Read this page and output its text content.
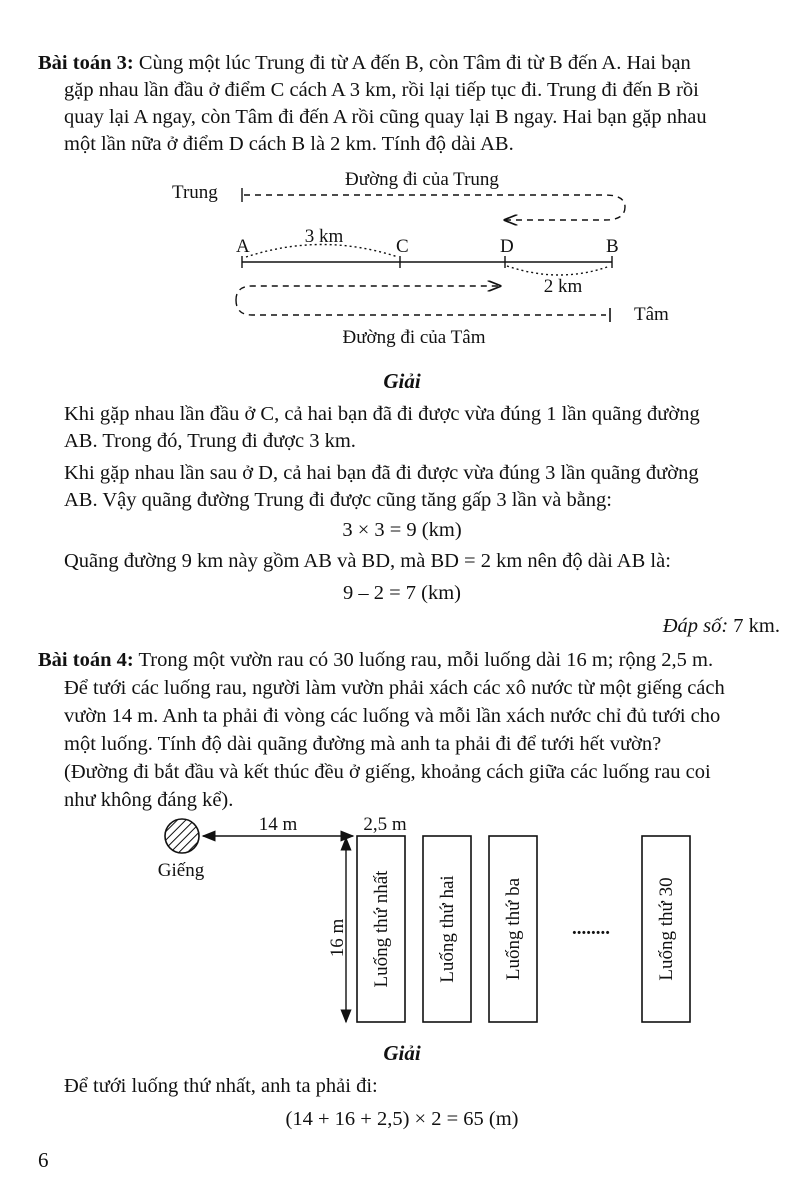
Bài toán 3: Cùng một lúc Trung đi từ A đến B, còn Tâm đi từ B đến A. Hai bạn
gặp nhau lần đầu ở điểm C cách A 3 km, rồi lại tiếp tục đi. Trung đi đến B rồi
quay lại A ngay, còn Tâm đi đến A rồi cũng quay lại B ngay. Hai bạn gặp nhau
một lần nữa ở điểm D cách B là 2 km. Tính độ dài AB.
Trung
Đường đi của Trung
A	C	D	B
3 km
2 km
Tâm
Đường đi của Tâm
Giải
Khi gặp nhau lần đầu ở C, cả hai bạn đã đi được vừa đúng 1 lần quãng đường
AB. Trong đó, Trung đi được 3 km.
Khi gặp nhau lần sau ở D, cả hai bạn đã đi được vừa đúng 3 lần quãng đường
AB. Vậy quãng đường Trung đi được cũng tăng gấp 3 lần và bằng:
3 × 3 = 9 (km)
Quãng đường 9 km này gồm AB và BD, mà BD = 2 km nên độ dài AB là:
9 – 2 = 7 (km)
Đáp số: 7 km.
Bài toán 4: Trong một vườn rau có 30 luống rau, mỗi luống dài 16 m; rộng 2,5 m.
Để tưới các luống rau, người làm vườn phải xách các xô nước từ một giếng cách
vườn 14 m. Anh ta phải đi vòng các luống và mỗi lần xách nước chỉ đủ tưới cho
một luống. Tính độ dài quãng đường mà anh ta phải đi để tưới hết vườn?
(Đường đi bắt đầu và kết thúc đều ở giếng, khoảng cách giữa các luống rau coi
như không đáng kể).
Giếng
14 m	2,5 m
16 m Luống thứ nhất Luống thứ hai Luống thứ ba	........ Luống thứ 30
Giải
Để tưới luống thứ nhất, anh ta phải đi:
(14 + 16 + 2,5) × 2 = 65 (m)
6
